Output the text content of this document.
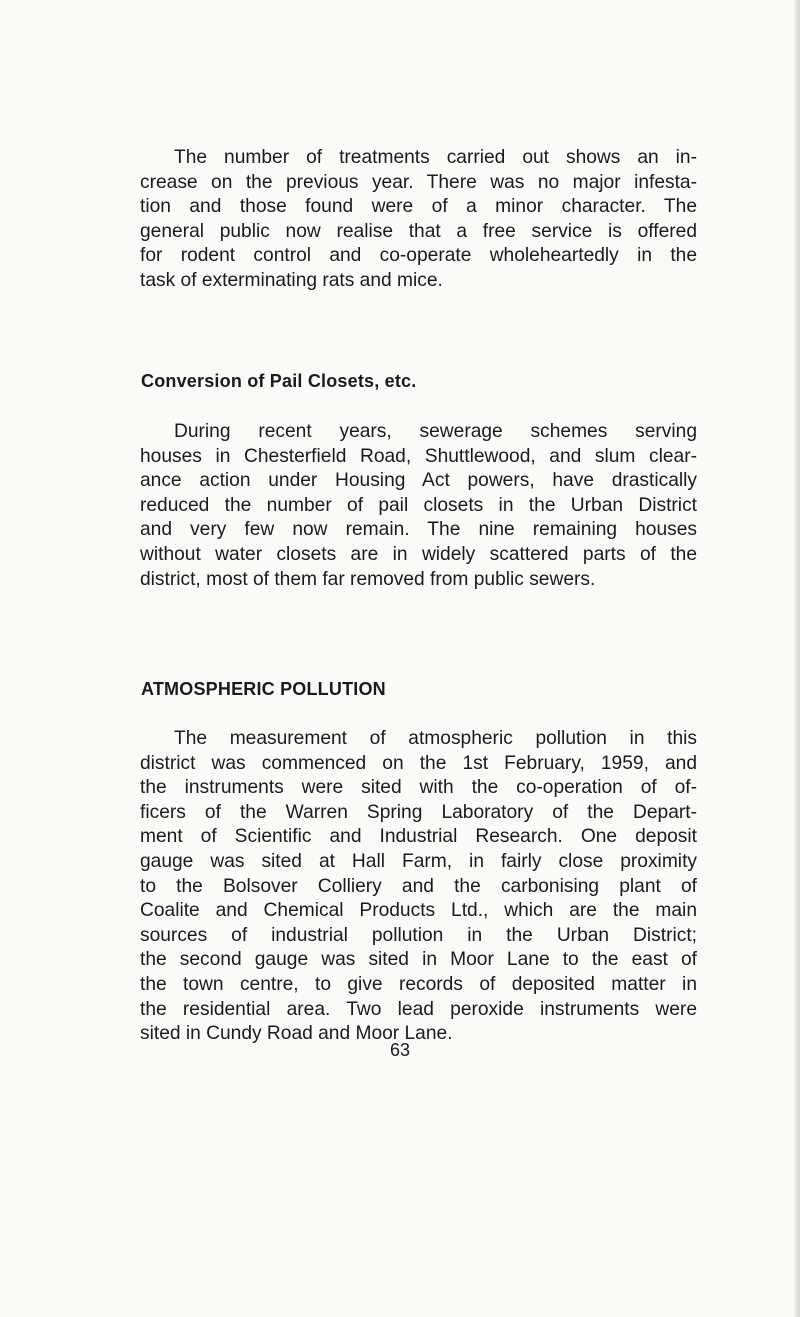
The number of treatments carried out shows an in-
crease on the previous year. There was no major infesta-
tion and those found were of a minor character. The
general public now realise that a free service is offered
for rodent control and co-operate wholeheartedly in the
task of exterminating rats and mice.
Conversion of Pail Closets, etc.
During recent years, sewerage schemes serving
houses in Chesterfield Road, Shuttlewood, and slum clear-
ance action under Housing Act powers, have drastically
reduced the number of pail closets in the Urban District
and very few now remain. The nine remaining houses
without water closets are in widely scattered parts of the
district, most of them far removed from public sewers.
ATMOSPHERIC POLLUTION
The measurement of atmospheric pollution in this
district was commenced on the 1st February, 1959, and
the instruments were sited with the co-operation of of-
ficers of the Warren Spring Laboratory of the Depart-
ment of Scientific and Industrial Research. One deposit
gauge was sited at Hall Farm, in fairly close proximity
to the Bolsover Colliery and the carbonising plant of
Coalite and Chemical Products Ltd., which are the main
sources of industrial pollution in the Urban District;
the second gauge was sited in Moor Lane to the east of
the town centre, to give records of deposited matter in
the residential area. Two lead peroxide instruments were
sited in Cundy Road and Moor Lane.
63
